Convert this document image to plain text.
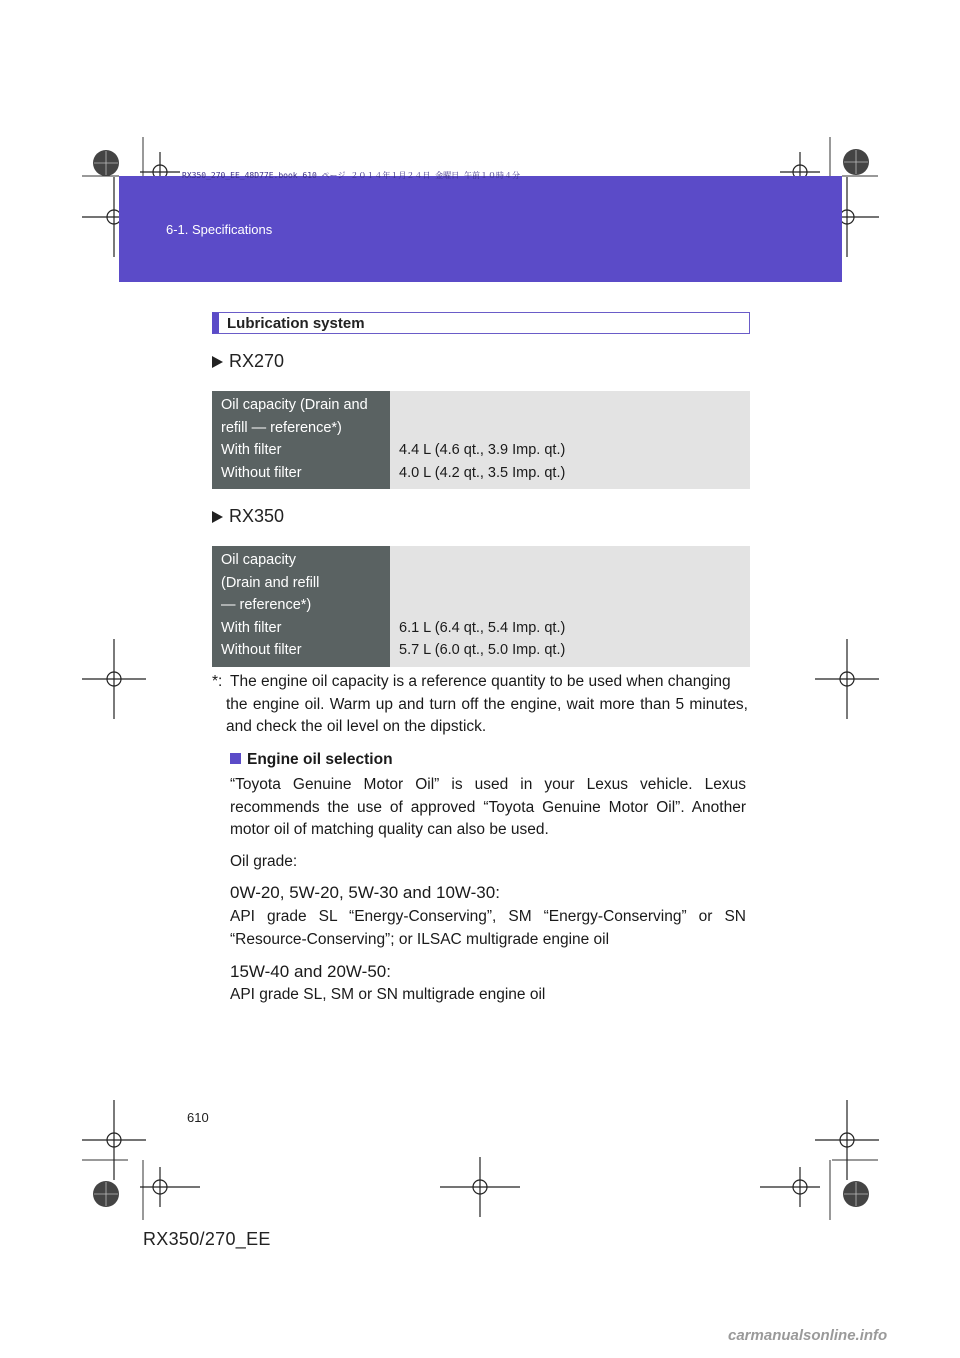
RX350_270_EE_48D77E.book 610 ページ ２０１４年１月２４日 金曜日 午前１０時４分
6-1. Specifications
Lubrication system
RX270
Oil capacity (Drain and
refill — reference*)
With filter
Without filter
4.4 L (4.6 qt., 3.9 Imp. qt.)
4.0 L (4.2 qt., 3.5 Imp. qt.)
RX350
Oil capacity
(Drain and refill
— reference*)
With filter
Without filter
6.1 L (6.4 qt., 5.4 Imp. qt.)
5.7 L (6.0 qt., 5.0 Imp. qt.)
*: The engine oil capacity is a reference quantity to be used when changing
the engine oil. Warm up and turn off the engine, wait more than 5 minutes, and check the oil level on the dipstick.
Engine oil selection
“Toyota Genuine Motor Oil” is used in your Lexus vehicle. Lexus recommends the use of approved “Toyota Genuine Motor Oil”. Another motor oil of matching quality can also be used.
Oil grade:
0W-20, 5W-20, 5W-30 and 10W-30:
API grade SL “Energy-Conserving”, SM “Energy-Conserving” or SN “Resource-Conserving”; or ILSAC multigrade engine oil
15W-40 and 20W-50:
API grade SL, SM or SN multigrade engine oil
610
RX350/270_EE
carmanualsonline.info
